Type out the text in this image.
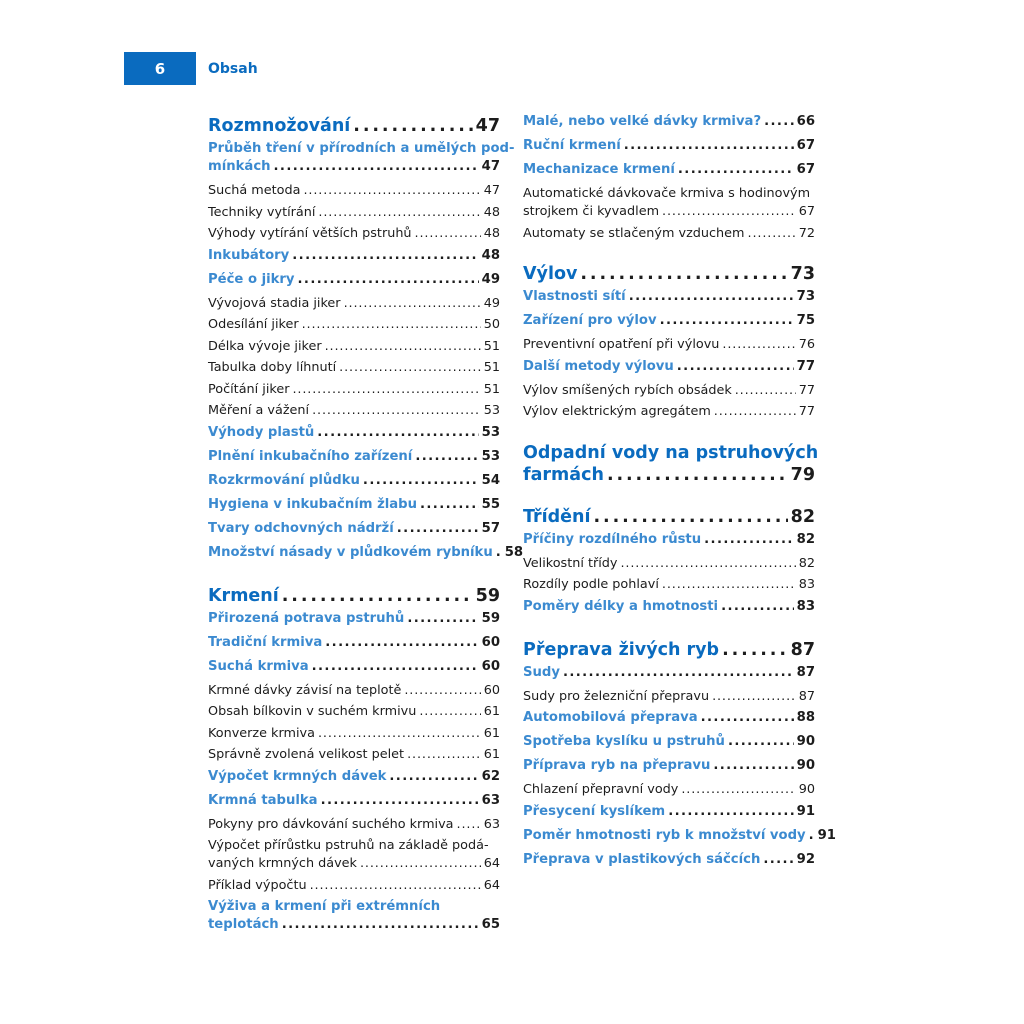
6	Obsah
Rozmnožování . . .	47
Průběh tření v přírodních a umělých pod-
mínkách . . .	47
Suchá metoda . . .	47
Techniky vytírání . . .	48
Výhody vytírání větších pstruhů . . .	48
Inkubátory . . .	48
Péče o jikry . . .	49
Vývojová stadia jiker . . .	49
Odesílání jiker . . .	50
Délka vývoje jiker . . .	51
Tabulka doby líhnutí . . .	51
Počítání jiker . . .	51
Měření a vážení . . .	53
Výhody plastů . . .	53
Plnění inkubačního zařízení . . .	53
Rozkrmování plůdku . . .	54
Hygiena v inkubačním žlabu . . .	55
Tvary odchovných nádrží . . .	57
Množství násady v plůdkovém rybníku . . . 58
Krmení . . .	59
Přirozená potrava pstruhů . . .	59
Tradiční krmiva . . .	60
Suchá krmiva . . .	60
Krmné dávky závisí na teplotě . . .	60
Obsah bílkovin v suchém krmivu . . .	61
Konverze krmiva . . .	61
Správně zvolená velikost pelet . . .	61
Výpočet krmných dávek . . .	62
Krmná tabulka . . .	63
Pokyny pro dávkování suchého krmiva . . . 63
Výpočet přírůstku pstruhů na základě podá-
vaných krmných dávek . . .	64
Příklad výpočtu . . .	64
Výživa a krmení při extrémních
teplotách . . .	65
Malé, nebo velké dávky krmiva? . . .	66
Ruční krmení . . .	67
Mechanizace krmení . . .	67
Automatické dávkovače krmiva s hodinovým
strojkem či kyvadlem . . .	67
Automaty se stlačeným vzduchem . . .	72
Výlov . . .	73
Vlastnosti sítí . . .	73
Zařízení pro výlov . . .	75
Preventivní opatření při výlovu . . .	76
Další metody výlovu . . .	77
Výlov smíšených rybích obsádek . . .	77
Výlov elektrickým agregátem . . .	77
Odpadní vody na pstruhových
farmách . . .	79
Třídění . . .	82
Příčiny rozdílného růstu . . .	82
Velikostní třídy . . .	82
Rozdíly podle pohlaví . . .	83
Poměry délky a hmotnosti . . .	83
Přeprava živých ryb . . .	87
Sudy . . .	87
Sudy pro železniční přepravu . . .	87
Automobilová přeprava . . .	88
Spotřeba kyslíku u pstruhů . . .	90
Příprava ryb na přepravu . . .	90
Chlazení přepravní vody . . .	90
Přesycení kyslíkem . . .	91
Poměr hmotnosti ryb k množství vody . . . 91
Přeprava v plastikových sáčcích . . .	92
